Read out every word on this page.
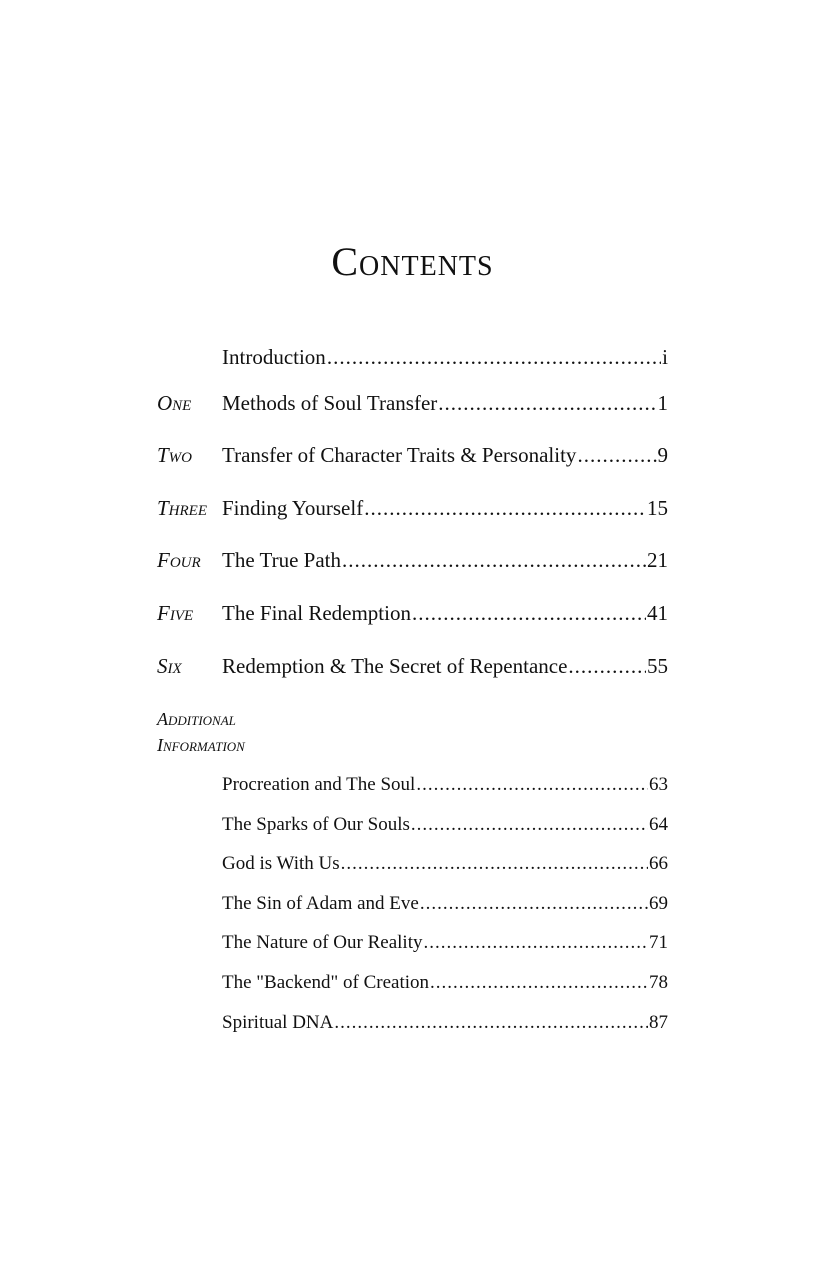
Contents
Introduction .....	i
One Methods of Soul Transfer .....	1
Two Transfer of Character Traits & Personality .....	9
Three Finding Yourself .....	15
Four The True Path .....	21
Five The Final Redemption .....	41
Six Redemption & The Secret of Repentance .....	55
Additional
Information
Procreation and The Soul .....	63
The Sparks of Our Souls .....	64
God is With Us .....	66
The Sin of Adam and Eve .....	69
The Nature of Our Reality .....	71
The "Backend" of Creation .....	78
Spiritual DNA .....	87
